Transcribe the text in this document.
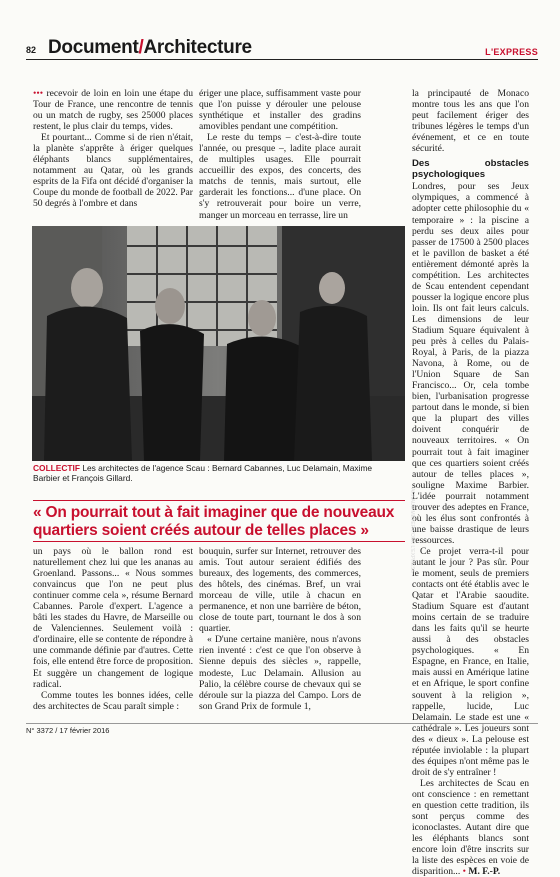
82 Document/Architecture	L'EXPRESS

••• recevoir de loin en loin une étape du Tour de France, une rencontre de tennis ou un match de rugby, ses 25000 places restent, le plus clair du temps, vides.

Et pourtant... Comme si de rien n'était, la planète s'apprête à ériger quelques éléphants blancs supplémentaires, notamment au Qatar, où les grands esprits de la Fifa ont décidé d'organiser la Coupe du monde de football de 2022. Par 50 degrés à l'ombre et dans

ériger une place, suffisamment vaste pour que l'on puisse y dérouler une pelouse synthétique et installer des gradins amovibles pendant une compétition.

Le reste du temps – c'est-à-dire toute l'année, ou presque –, ladite place aurait de multiples usages. Elle pourrait accueillir des expos, des concerts, des matchs de tennis, mais surtout, elle garderait les fonctions... d'une place. On s'y retrouverait pour boire un verre, manger un morceau en terrasse, lire un

la principauté de Monaco montre tous les ans que l'on peut facilement ériger des tribunes légères le temps d'un événement, et ce en toute sécurité.

Des obstacles psychologiques

Londres, pour ses Jeux olympiques, a commencé à adopter cette philosophie du « temporaire » : la piscine a perdu ses deux ailes pour passer de 17500 à 2500 places et le pavillon de basket a été entièrement démonté après la compétition. Les architectes de Scau entendent cependant pousser la logique encore plus loin. Ils ont fait leurs calculs. Les dimensions de leur Stadium Square équivalent à peu près à celles du Palais-Royal, à Paris, de la piazza Navona, à Rome, ou de l'Union Square de San Francisco... Or, cela tombe bien, l'urbanisation progresse partout dans le monde, si bien que la plupart des villes doivent conquérir de nouveaux territoires. « On pourrait tout à fait imaginer que ces quartiers soient créés autour de telles places », souligne Maxime Barbier. L'idée pourrait notamment trouver des adeptes en France, où les élus sont confrontés à une baisse drastique de leurs ressources.

Ce projet verra-t-il pour autant le jour ? Pas sûr. Pour le moment, seuls de premiers contacts ont été établis avec le Qatar et l'Arabie saoudite. Stadium Square est d'autant moins certain de se traduire dans les faits qu'il se heurte aussi à des obstacles psychologiques. « En Espagne, en France, en Italie, mais aussi en Amérique latine et en Afrique, le sport confine souvent à la religion », rappelle, lucide, Luc Delamain. Le stade est une « cathédrale ». Les joueurs sont des « dieux ». La pelouse est réputée inviolable : la plupart des équipes n'ont même pas le droit de s'y entraîner !

Les architectes de Scau en ont conscience : en remettant en question cette tradition, ils sont perçus comme des iconoclastes. Autant dire que les éléphants blancs sont encore loin d'être inscrits sur la liste des espèces en voie de disparition... • M. F.-P.

ARNAUD MEYER POUR L'EXPRESS
COLLECTIF Les architectes de l'agence Scau : Bernard Cabannes, Luc Delamain, Maxime Barbier et François Gillard.
« On pourrait tout à fait imaginer que de nouveaux quartiers soient créés autour de telles places »

un pays où le ballon rond est naturellement chez lui que les ananas au Groenland. Passons... « Nous sommes convaincus que l'on ne peut plus continuer comme cela », résume Bernard Cabannes. Parole d'expert. L'agence a bâti les stades du Havre, de Marseille ou de Valenciennes. Seulement voilà : d'ordinaire, elle se contente de répondre à une commande définie par d'autres. Cette fois, elle entend être force de proposition. Et suggère un changement de logique radical.

Comme toutes les bonnes idées, celle des architectes de Scau paraît simple :

bouquin, surfer sur Internet, retrouver des amis. Tout autour seraient édifiés des bureaux, des logements, des commerces, des hôtels, des cinémas. Bref, un vrai morceau de ville, utile à chacun en permanence, et non une barrière de béton, close de toute part, tournant le dos à son quartier.

« D'une certaine manière, nous n'avons rien inventé : c'est ce que l'on observe à Sienne depuis des siècles », rappelle, modeste, Luc Delamain. Allusion au Palio, la célèbre course de chevaux qui se déroule sur la piazza del Campo. Lors de son Grand Prix de formule 1,

N° 3372 / 17 février 2016
